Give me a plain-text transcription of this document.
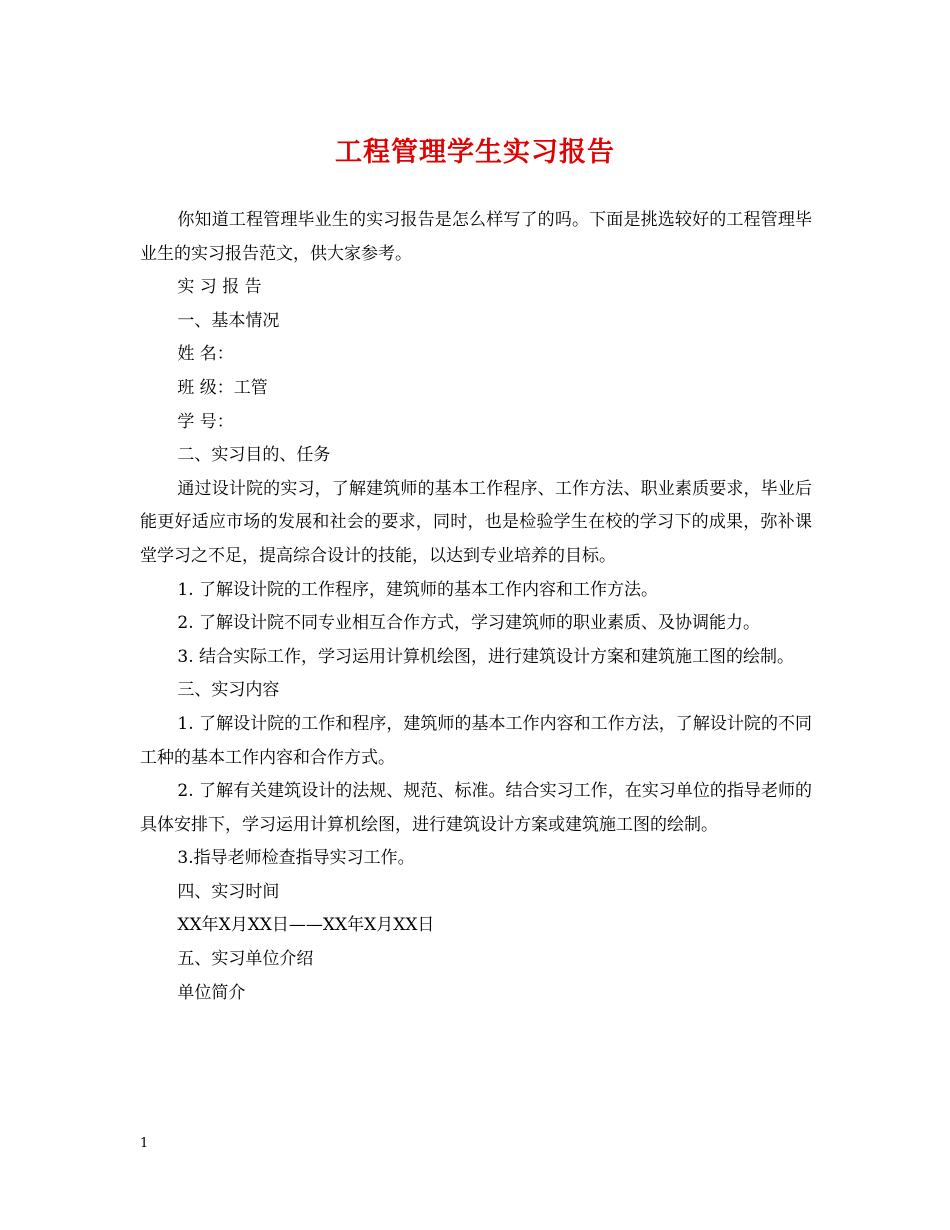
工程管理学生实习报告

你知道工程管理毕业生的实习报告是怎么样写了的吗。下面是挑选较好的工程管理毕业生的实习报告范文，供大家参考。

实 习 报 告

一、基本情况

姓 名：

班 级：工管

学 号：

二、实习目的、任务

通过设计院的实习，了解建筑师的基本工作程序、工作方法、职业素质要求，毕业后能更好适应市场的发展和社会的要求，同时，也是检验学生在校的学习下的成果，弥补课堂学习之不足，提高综合设计的技能，以达到专业培养的目标。

1. 了解设计院的工作程序，建筑师的基本工作内容和工作方法。

2. 了解设计院不同专业相互合作方式，学习建筑师的职业素质、及协调能力。

3. 结合实际工作，学习运用计算机绘图，进行建筑设计方案和建筑施工图的绘制。

三、实习内容

1. 了解设计院的工作和程序，建筑师的基本工作内容和工作方法，了解设计院的不同工种的基本工作内容和合作方式。

2. 了解有关建筑设计的法规、规范、标准。结合实习工作，在实习单位的指导老师的具体安排下，学习运用计算机绘图，进行建筑设计方案或建筑施工图的绘制。

3.指导老师检查指导实习工作。

四、实习时间

XX年X月XX日——XX年X月XX日

五、实习单位介绍

单位简介

1
